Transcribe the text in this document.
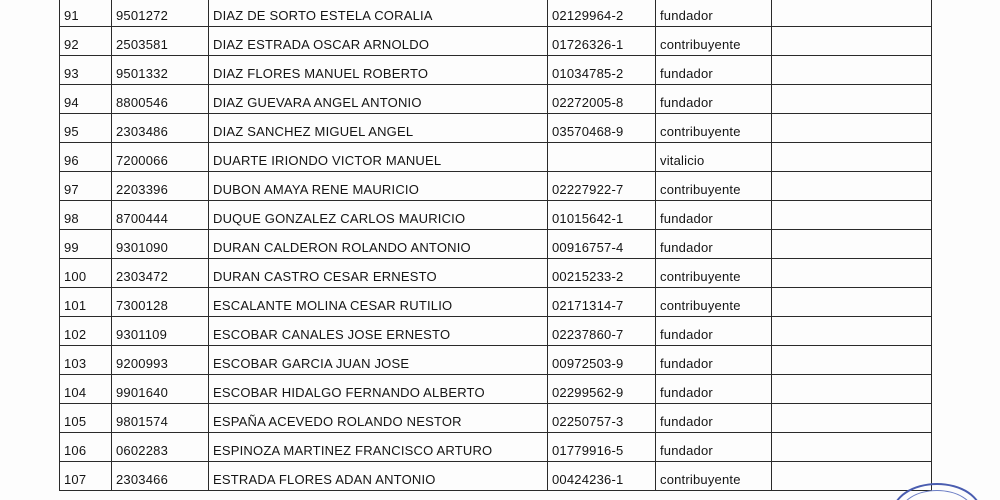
91	9501272	DIAZ DE SORTO ESTELA CORALIA	02129964-2	fundador	
92	2503581	DIAZ ESTRADA OSCAR ARNOLDO	01726326-1	contribuyente	
93	9501332	DIAZ FLORES MANUEL ROBERTO	01034785-2	fundador	
94	8800546	DIAZ GUEVARA ANGEL ANTONIO	02272005-8	fundador	
95	2303486	DIAZ SANCHEZ MIGUEL ANGEL	03570468-9	contribuyente	
96	7200066	DUARTE IRIONDO VICTOR MANUEL		vitalicio	
97	2203396	DUBON AMAYA RENE MAURICIO	02227922-7	contribuyente	
98	8700444	DUQUE GONZALEZ CARLOS MAURICIO	01015642-1	fundador	
99	9301090	DURAN CALDERON ROLANDO ANTONIO	00916757-4	fundador	
100	2303472	DURAN CASTRO CESAR ERNESTO	00215233-2	contribuyente	
101	7300128	ESCALANTE MOLINA CESAR RUTILIO	02171314-7	contribuyente	
102	9301109	ESCOBAR CANALES JOSE ERNESTO	02237860-7	fundador	
103	9200993	ESCOBAR GARCIA JUAN JOSE	00972503-9	fundador	
104	9901640	ESCOBAR HIDALGO FERNANDO ALBERTO	02299562-9	fundador	
105	9801574	ESPAÑA ACEVEDO ROLANDO NESTOR	02250757-3	fundador	
106	0602283	ESPINOZA MARTINEZ FRANCISCO ARTURO	01779916-5	fundador	
107	2303466	ESTRADA FLORES ADAN ANTONIO	00424236-1	contribuyente	
